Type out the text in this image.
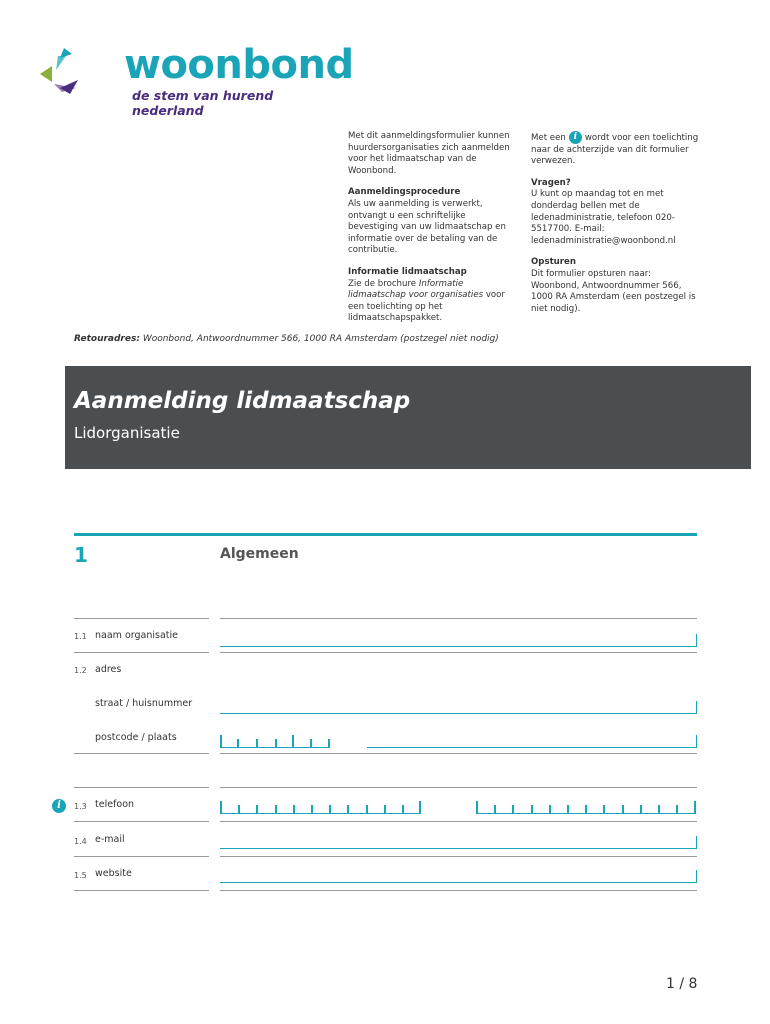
woonbond
de stem van hurend nederland

Met dit aanmeldingsformulier kunnen huurdersorganisaties zich aanmelden voor het lidmaatschap van de Woonbond.

Aanmeldingsprocedure
Als uw aanmelding is verwerkt, ontvangt u een schriftelijke bevestiging van uw lidmaatschap en informatie over de betaling van de contributie.

Informatie lidmaatschap
Zie de brochure Informatie lidmaatschap voor organisaties voor een toelichting op het lidmaatschapspakket.

Met een i wordt voor een toelichting naar de achterzijde van dit formulier verwezen.

Vragen?
U kunt op maandag tot en met donderdag bellen met de ledenadministratie, telefoon 020-5517700. E-mail: ledenadministratie@woonbond.nl

Opsturen
Dit formulier opsturen naar: Woonbond, Antwoordnummer 566, 1000 RA Amsterdam (een postzegel is niet nodig).

Retouradres: Woonbond, Antwoordnummer 566, 1000 RA Amsterdam (postzegel niet nodig)
Aanmelding lidmaatschap
Lidorganisatie
1	Algemeen
1.1 naam organisatie
1.2 adres
straat / huisnummer
postcode / plaats
i	1.3 telefoon
1.4 e-mail
1.5 website
1 / 8
